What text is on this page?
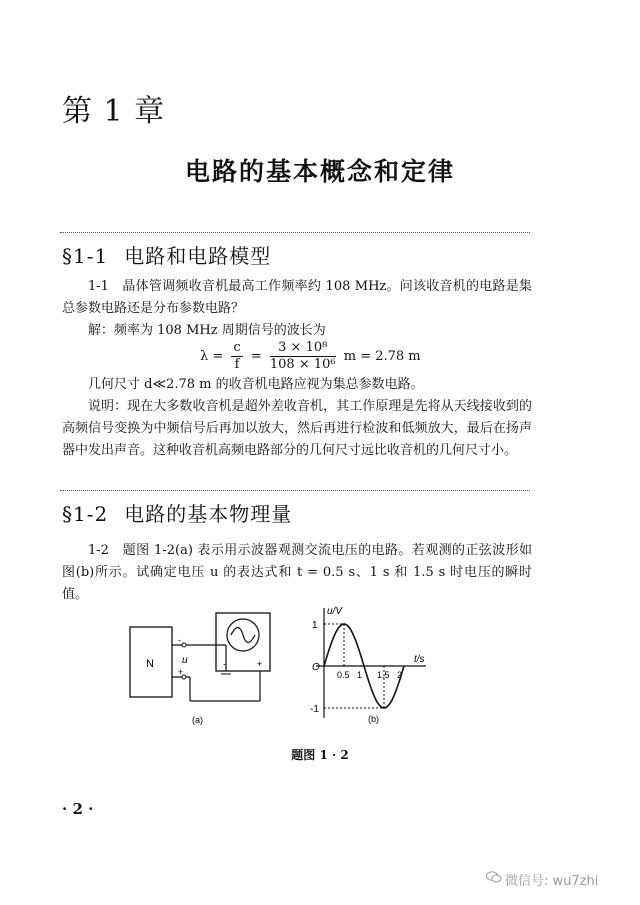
第 1 章
电路的基本概念和定律
§1-1 电路和电路模型
1-1　晶体管调频收音机最高工作频率约 108 MHz。问该收音机的电路是集总参数电路还是分布参数电路？
解：频率为 108 MHz 周期信号的波长为
$\lambda = \frac{c}{f} = \frac{\text{3 × 10⁸}}{\text{108 × 10⁶}}$ m = 2.78 m
几何尺寸 d≪2.78 m 的收音机电路应视为集总参数电路。
说明：现在大多数收音机是超外差收音机，其工作原理是先将从天线接收到的高频信号变换为中频信号后再加以放大，然后再进行检波和低频放大，最后在扬声器中发出声音。这种收音机高频电路部分的几何尺寸远比收音机的几何尺寸小。
§1-2 电路的基本物理量
1-2　题图 1-2(a) 表示用示波器观测交流电压的电路。若观测的正弦波形如图(b)所示。试确定电压 u 的表达式和 t = 0.5 s、1 s 和 1.5 s 时电压的瞬时值。
N
-
u
+
-	+
(a)
u/V
t/s
O
1
-1
0.5 1 1.5 2
(b)
题图 1 · 2
· 2 ·
微信号: wu7zhi
